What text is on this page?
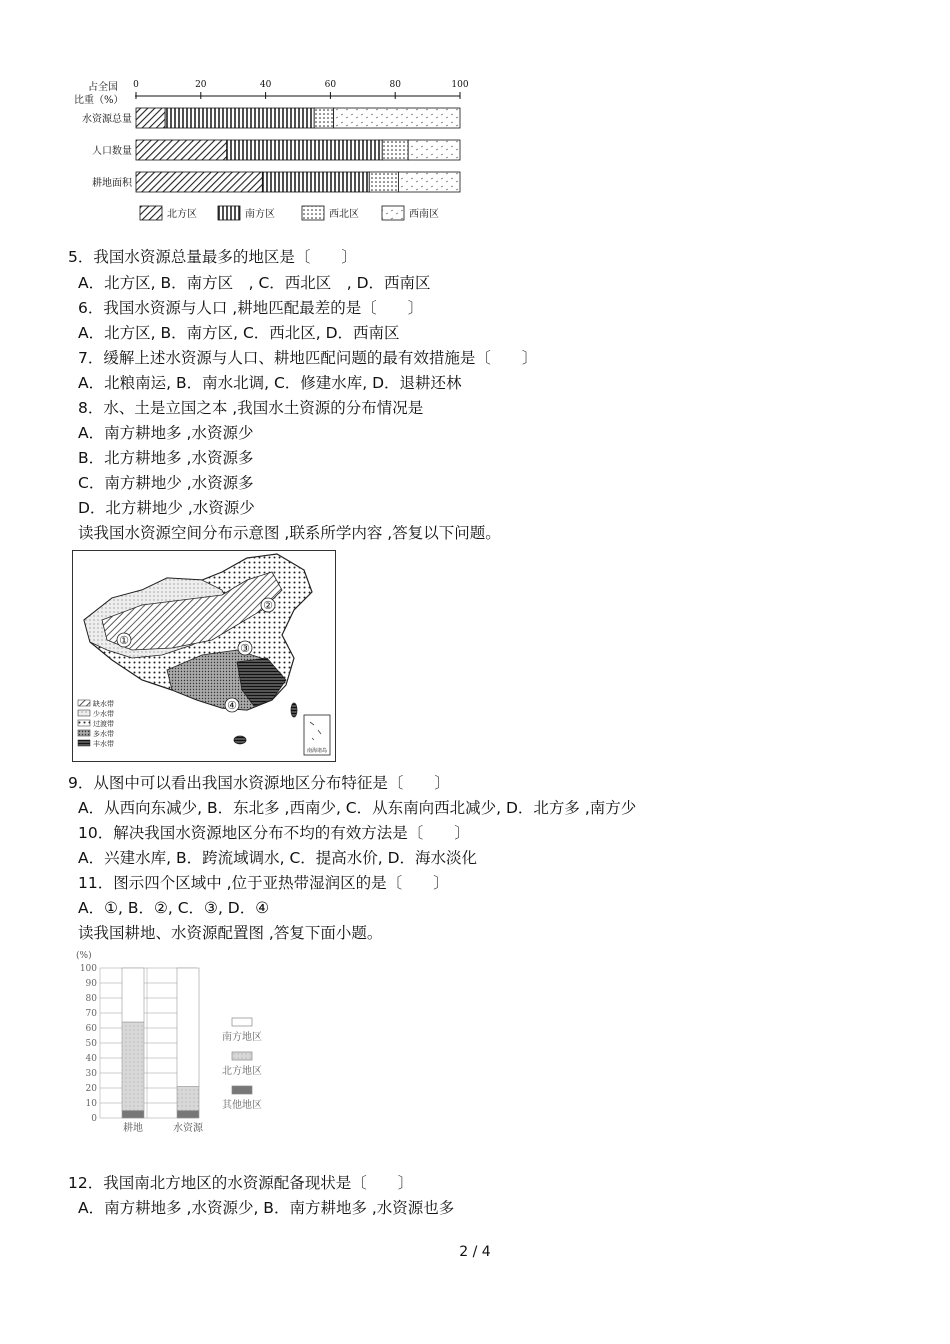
占全国
比重（%）
0	20	40	60	80	100
水资源总量
人口数量
耕地面积
北方区	南方区	西北区	西南区
5．我国水资源总量最多的地区是〔　　〕
A．北方区, B．南方区　, C．西北区　, D．西南区
6．我国水资源与人口 ,耕地匹配最差的是〔　　〕
A．北方区, B．南方区, C．西北区, D．西南区
7．缓解上述水资源与人口、耕地匹配问题的最有效措施是〔　　〕
A．北粮南运, B．南水北调, C．修建水库, D．退耕还林
8．水、土是立国之本 ,我国水土资源的分布情况是
A．南方耕地多 ,水资源少
B．北方耕地多 ,水资源多
C．南方耕地少 ,水资源多
D．北方耕地少 ,水资源少
读我国水资源空间分布示意图 ,联系所学内容 ,答复以下问题。
①
②
③
④
缺水带
少水带
过渡带
多水带
丰水带
南海诸岛
9．从图中可以看出我国水资源地区分布特征是〔　　〕
A．从西向东减少, B．东北多 ,西南少, C．从东南向西北减少, D．北方多 ,南方少
10．解决我国水资源地区分布不均的有效方法是〔　　〕
A．兴建水库, B．跨流域调水, C．提高水价, D．海水淡化
11．图示四个区域中 ,位于亚热带湿润区的是〔　　〕
A．①, B．②, C．③, D．④
读我国耕地、水资源配置图 ,答复下面小题。
(%)
0
10
20
30
40
50
60
70
80
90
100
耕地	水资源
南方地区
北方地区
其他地区
12．我国南北方地区的水资源配备现状是〔　　〕
A．南方耕地多 ,水资源少, B．南方耕地多 ,水资源也多
2 / 4
